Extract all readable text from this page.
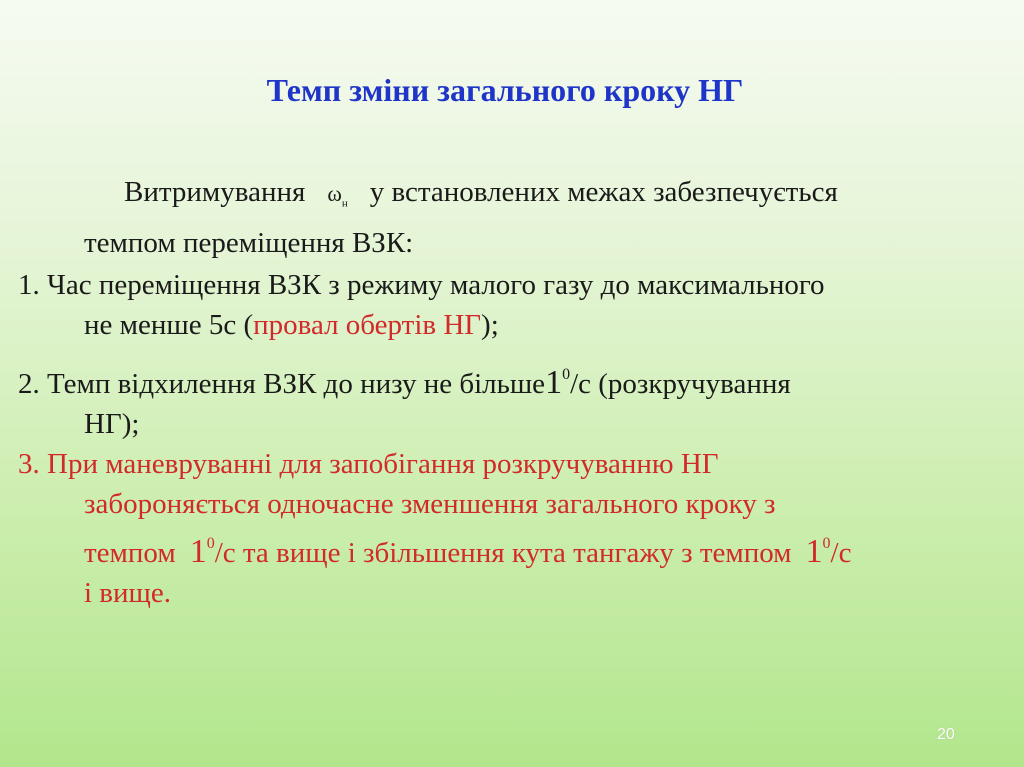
Темп зміни загального кроку НГ
Витримування $\omega_н$ у встановлених межах забезпечується
темпом переміщення ВЗК:
1. Час переміщення ВЗК з режиму малого газу до максимального
не менше 5с (провал обертів НГ);
2. Темп відхилення ВЗК до низу не $більше1^0/с$ (розкручування
НГ);
3. При маневруванні для запобігання розкручуванню НГ
забороняється одночасне зменшення загального кроку з
темпом $1^0/с$ та вище і збільшення кута тангажу з темпом $1^0/с$
і вище.
20
